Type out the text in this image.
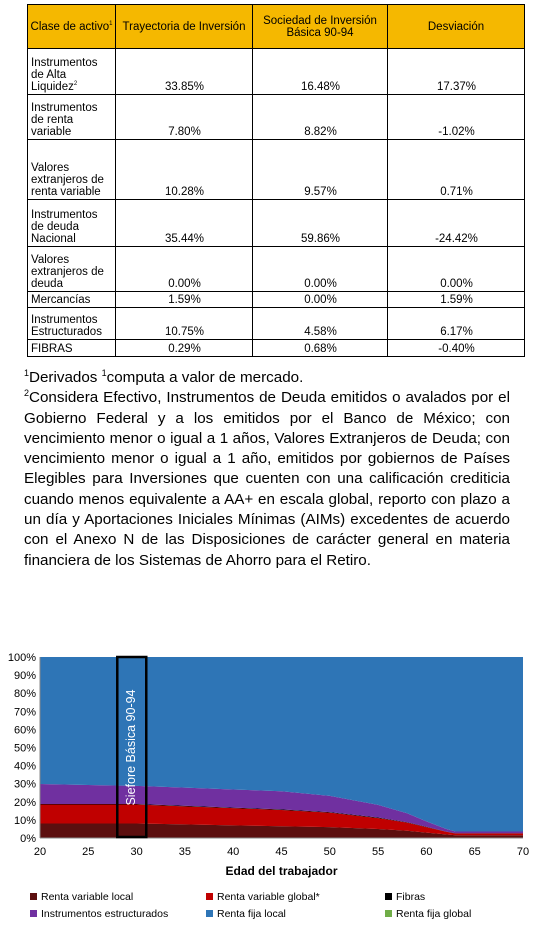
Clase de activo$^1$	Trayectoria de Inversión	Sociedad de Inversión Básica 90-94	Desviación
Instrumentos de Alta Liquidez$^2$	33.85%	16.48%	17.37%
Instrumentos de renta variable	7.80%	8.82%	-1.02%
Valores extranjeros de renta variable	10.28%	9.57%	0.71%
Instrumentos de deuda Nacional	35.44%	59.86%	-24.42%
Valores extranjeros de deuda	0.00%	0.00%	0.00%
Mercancías	1.59%	0.00%	1.59%
Instrumentos Estructurados	10.75%	4.58%	6.17%
FIBRAS	0.29%	0.68%	-0.40%

$^1$Derivados $^1$computa a valor de mercado.

$^2$Considera Efectivo, Instrumentos de Deuda emitidos o avalados por el Gobierno Federal y a los emitidos por el Banco de México; con vencimiento menor o igual a 1 años, Valores Extranjeros de Deuda; con vencimiento menor o igual a 1 año, emitidos por gobiernos de Países Elegibles para Inversiones que cuenten con una calificación crediticia cuando menos equivalente a AA+ en escala global, reporto con plazo a un día y Aportaciones Iniciales Mínimas (AIMs) excedentes de acuerdo con el Anexo N de las Disposiciones de carácter general en materia financiera de los Sistemas de Ahorro para el Retiro.

0%
10%
20%
30%
40%
50%
60%
70%
80%
90%
100%
20	25	30	35	40	45	50	55	60	65	70
Edad del trabajador
Siefore Básica 90-94
Renta variable local	Renta variable global*	Fibras
Instrumentos estructurados	Renta fija local	Renta fija global
